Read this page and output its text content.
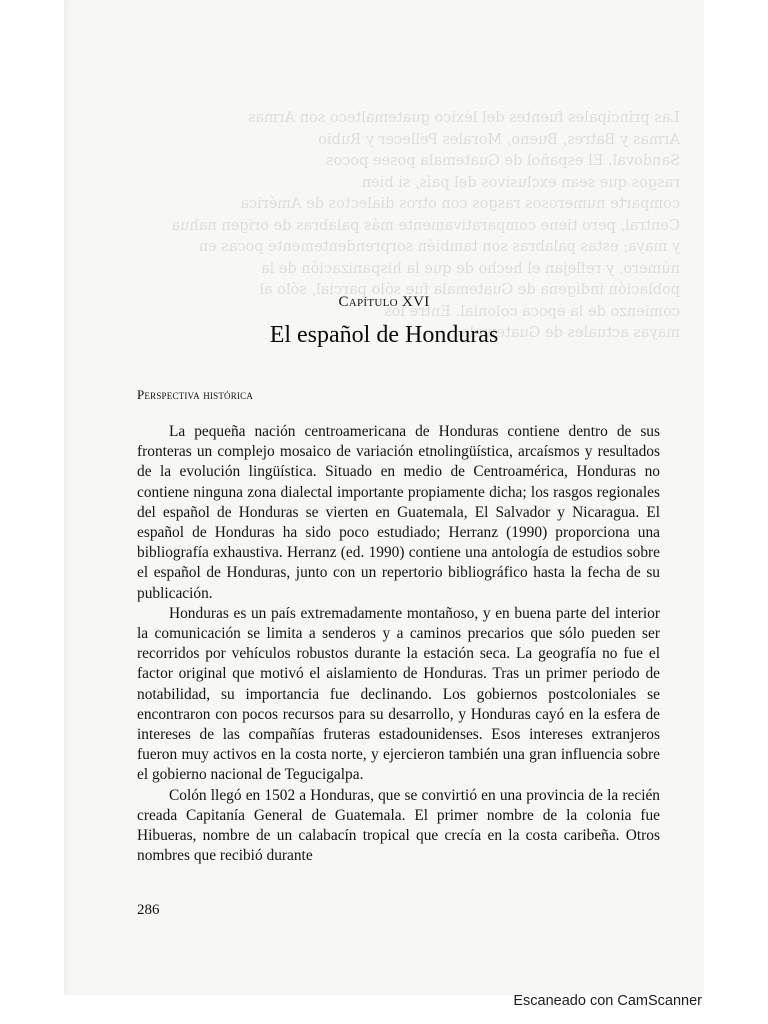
Las principales fuentes del léxico guatemalteco son Armas
Armas y Batres, Bueno, Morales Pellecer y Rubio
Sandoval. El español de Guatemala posee pocos
rasgos que sean exclusivos del país, si bien
comparte numerosos rasgos con otros dialectos de América
Central, pero tiene comparativamente más palabras de origen nahua
y maya; estas palabras son también sorprendentemente pocas en
número, y reflejan el hecho de que la hispanización de la
población indígena de Guatemala fue sólo parcial, sólo al
comienzo de la época colonial. Entre los
mayas actuales de Guatemala.
Capítulo XVI
El español de Honduras
Perspectiva histórica

La pequeña nación centroamericana de Honduras contiene dentro de sus fronteras un complejo mosaico de variación etnolingüística, arcaísmos y resultados de la evolución lingüística. Situado en medio de Centroamérica, Honduras no contiene ninguna zona dialectal importante propiamente dicha; los rasgos regionales del español de Honduras se vierten en Guatemala, El Salvador y Nicaragua. El español de Honduras ha sido poco estudiado; Herranz (1990) proporciona una bibliografía exhaustiva. Herranz (ed. 1990) contiene una antología de estudios sobre el español de Honduras, junto con un repertorio bibliográfico hasta la fecha de su publicación.

Honduras es un país extremadamente montañoso, y en buena parte del interior la comunicación se limita a senderos y a caminos precarios que sólo pueden ser recorridos por vehículos robustos durante la estación seca. La geografía no fue el factor original que motivó el aislamiento de Honduras. Tras un primer periodo de notabilidad, su importancia fue declinando. Los gobiernos postcoloniales se encontraron con pocos recursos para su desarrollo, y Honduras cayó en la esfera de intereses de las compañías fruteras estadounidenses. Esos intereses extranjeros fueron muy activos en la costa norte, y ejercieron también una gran influencia sobre el gobierno nacional de Tegucigalpa.

Colón llegó en 1502 a Honduras, que se convirtió en una provincia de la recién creada Capitanía General de Guatemala. El primer nombre de la colonia fue Hibueras, nombre de un calabacín tropical que crecía en la costa caribeña. Otros nombres que recibió durante

286
Escaneado con CamScanner
